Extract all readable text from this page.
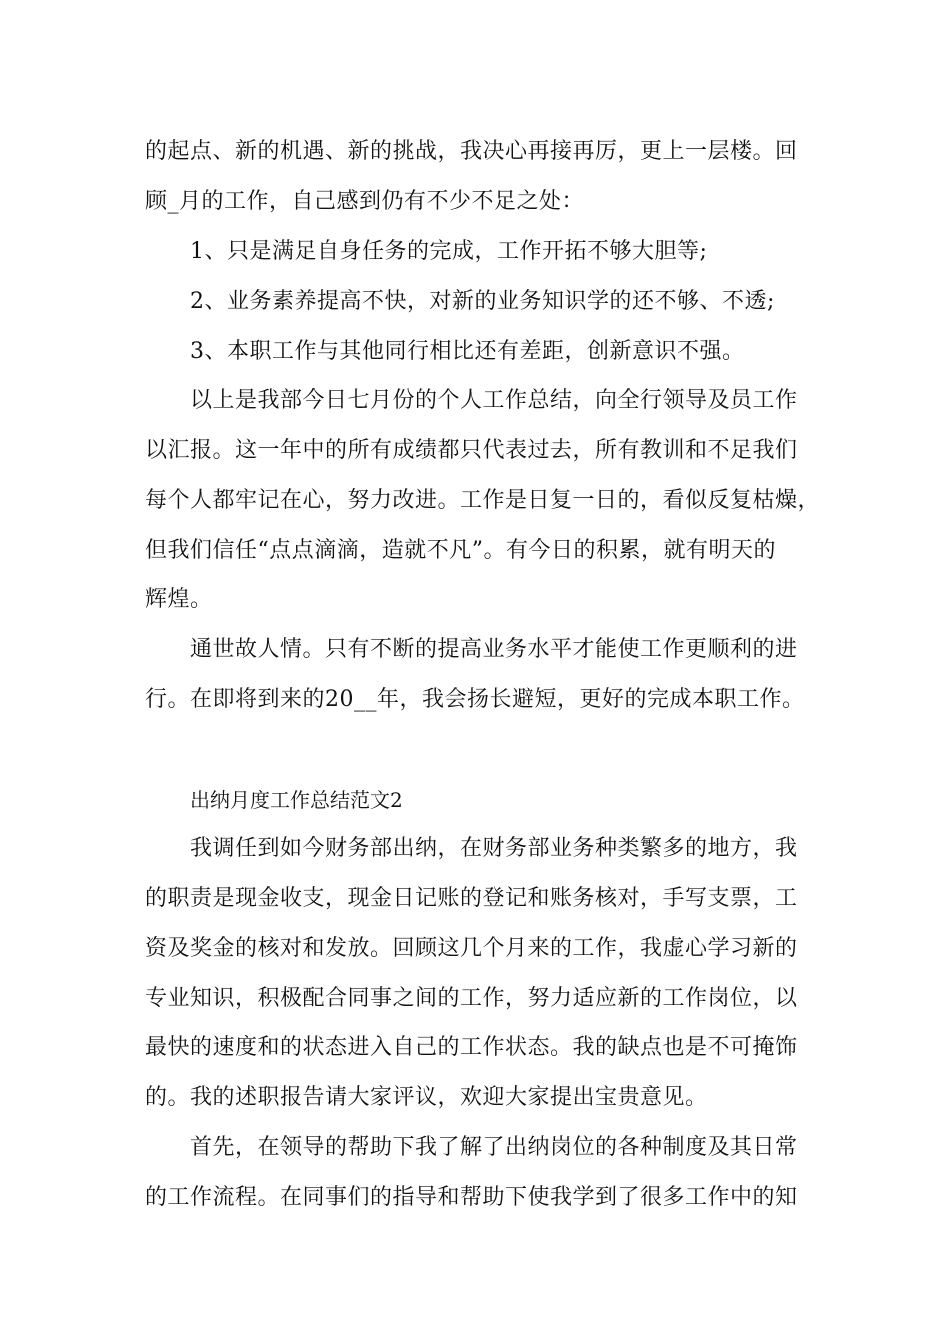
的起点、新的机遇、新的挑战，我决心再接再厉，更上一层楼。回
顾_月的工作，自己感到仍有不少不足之处：
1、只是满足自身任务的完成，工作开拓不够大胆等;
2、业务素养提高不快，对新的业务知识学的还不够、不透;
3、本职工作与其他同行相比还有差距，创新意识不强。
以上是我部今日七月份的个人工作总结，向全行领导及员工作
以汇报。这一年中的所有成绩都只代表过去，所有教训和不足我们
每个人都牢记在心，努力改进。工作是日复一日的，看似反复枯燥，
但我们信任“点点滴滴，造就不凡”。有今日的积累，就有明天的
辉煌。
通世故人情。只有不断的提高业务水平才能使工作更顺利的进
行。在即将到来的20__年，我会扬长避短，更好的完成本职工作。
出纳月度工作总结范文2
我调任到如今财务部出纳，在财务部业务种类繁多的地方，我
的职责是现金收支，现金日记账的登记和账务核对，手写支票，工
资及奖金的核对和发放。回顾这几个月来的工作，我虚心学习新的
专业知识，积极配合同事之间的工作，努力适应新的工作岗位，以
最快的速度和的状态进入自己的工作状态。我的缺点也是不可掩饰
的。我的述职报告请大家评议，欢迎大家提出宝贵意见。
首先，在领导的帮助下我了解了出纳岗位的各种制度及其日常
的工作流程。在同事们的指导和帮助下使我学到了很多工作中的知
